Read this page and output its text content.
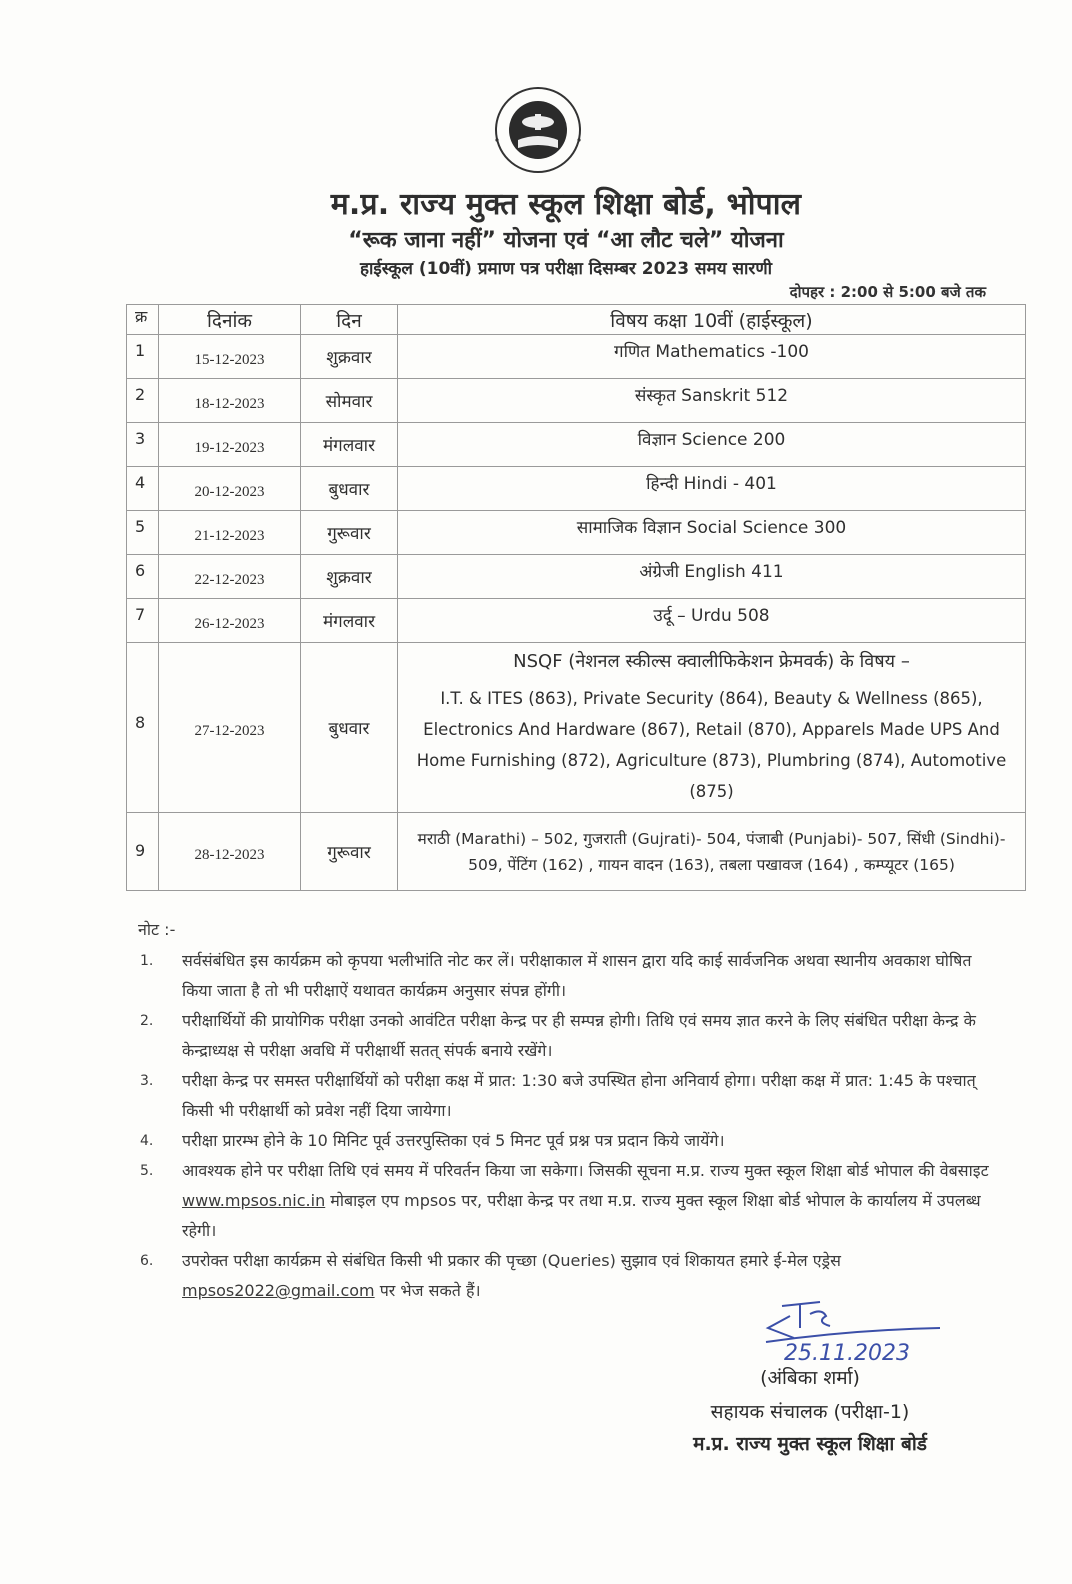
म.प्र. राज्य मुक्त स्कूल शिक्षा बोर्ड, भोपाल
“रूक जाना नहीं” योजना एवं “आ लौट चले” योजना
हाईस्कूल (10वीं) प्रमाण पत्र परीक्षा दिसम्बर 2023 समय सारणी
दोपहर : 2:00 से 5:00 बजे तक
क्र	दिनांक	दिन	विषय कक्षा 10वीं (हाईस्कूल)
1	15-12-2023	शुक्रवार	गणित Mathematics -100
2	18-12-2023	सोमवार	संस्कृत Sanskrit 512
3	19-12-2023	मंगलवार	विज्ञान Science 200
4	20-12-2023	बुधवार	हिन्दी Hindi - 401
5	21-12-2023	गुरूवार	सामाजिक विज्ञान Social Science 300
6	22-12-2023	शुक्रवार	अंग्रेजी English 411
7	26-12-2023	मंगलवार	उर्दू – Urdu 508
8	27-12-2023	बुधवार	NSQF (नेशनल स्कील्स क्वालीफिकेशन फ्रेमवर्क) के विषय –
I.T. & ITES (863), Private Security (864), Beauty & Wellness (865), Electronics And Hardware (867), Retail (870), Apparels Made UPS And Home Furnishing (872), Agriculture (873), Plumbring (874), Automotive (875)

9	28-12-2023	गुरूवार	मराठी (Marathi) – 502, गुजराती (Gujrati)- 504, पंजाबी (Punjabi)- 507, सिंधी (Sindhi)- 509, पेंटिंग (162) , गायन वादन (163), तबला पखावज (164) , कम्प्यूटर (165)
नोट :-
1.	सर्वसंबंधित इस कार्यक्रम को कृपया भलीभांति नोट कर लें। परीक्षाकाल में शासन द्वारा यदि काई सार्वजनिक अथवा स्थानीय अवकाश घोषित किया जाता है तो भी परीक्षाऐं यथावत कार्यक्रम अनुसार संपन्न होंगी।
2.	परीक्षार्थियों की प्रायोगिक परीक्षा उनको आवंटित परीक्षा केन्द्र पर ही सम्पन्न होगी। तिथि एवं समय ज्ञात करने के लिए संबंधित परीक्षा केन्द्र के केन्द्राध्यक्ष से परीक्षा अवधि में परीक्षार्थी सतत् संपर्क बनाये रखेंगे।
3.	परीक्षा केन्द्र पर समस्त परीक्षार्थियों को परीक्षा कक्ष में प्रात: 1:30 बजे उपस्थित होना अनिवार्य होगा। परीक्षा कक्ष में प्रात: 1:45 के पश्चात् किसी भी परीक्षार्थी को प्रवेश नहीं दिया जायेगा।
4.	परीक्षा प्रारम्भ होने के 10 मिनिट पूर्व उत्तरपुस्तिका एवं 5 मिनट पूर्व प्रश्न पत्र प्रदान किये जायेंगे।
5.	आवश्यक होने पर परीक्षा तिथि एवं समय में परिवर्तन किया जा सकेगा। जिसकी सूचना म.प्र. राज्य मुक्त स्कूल शिक्षा बोर्ड भोपाल की वेबसाइट www.mpsos.nic.in मोबाइल एप mpsos पर, परीक्षा केन्द्र पर तथा म.प्र. राज्य मुक्त स्कूल शिक्षा बोर्ड भोपाल के कार्यालय में उपलब्ध रहेगी।
6.	उपरोक्त परीक्षा कार्यक्रम से संबंधित किसी भी प्रकार की पृच्छा (Queries) सुझाव एवं शिकायत हमारे ई-मेल एड्रेस mpsos2022@gmail.com पर भेज सकते हैं।
25.11.2023
(अंबिका शर्मा)
सहायक संचालक (परीक्षा-1)
म.प्र. राज्य मुक्त स्कूल शिक्षा बोर्ड
